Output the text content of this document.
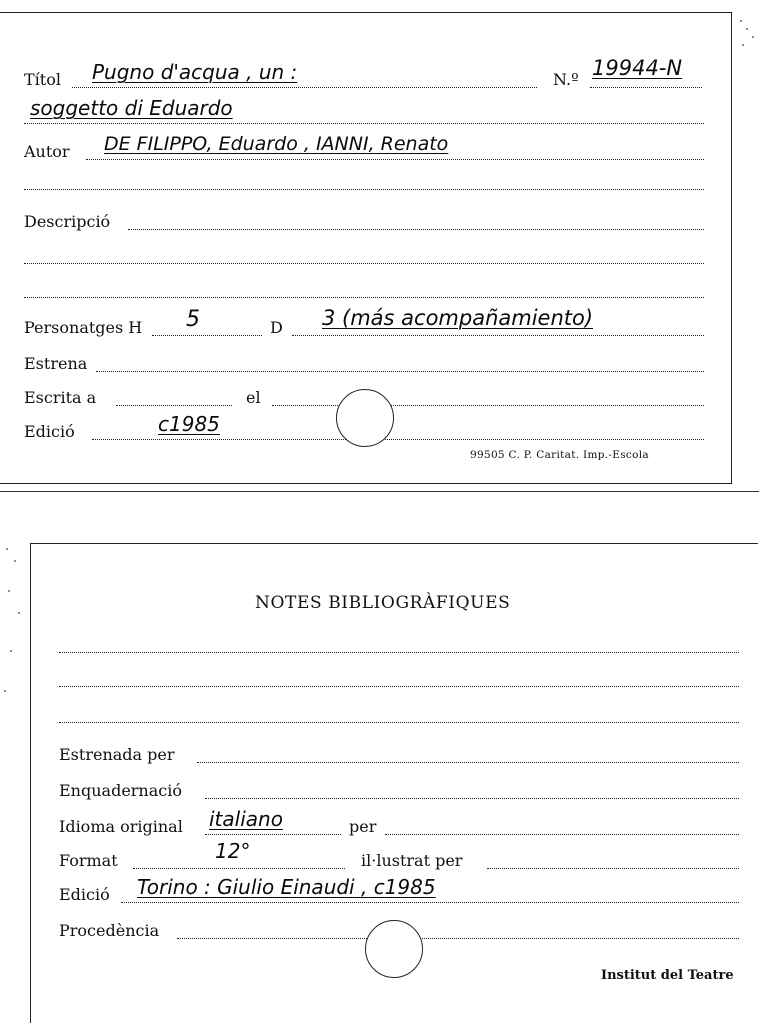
Títol Pugno d'acqua , un :	N.º 19944-N
soggetto di Eduardo
Autor DE FILIPPO, Eduardo , IANNI, Renato
Descripció
Personatges H 5	D 3 (más acompañamiento)
Estrena
Escrita a	el
Edició	c1985
99505 C. P. Caritat. Imp.-Escola
NOTES BIBLIOGRÀFIQUES
Estrenada per
Enquadernació
Idioma original italiano	per
Format	12°	il·lustrat per
Edició Torino : Giulio Einaudi , c1985
Procedència
Institut del Teatre
